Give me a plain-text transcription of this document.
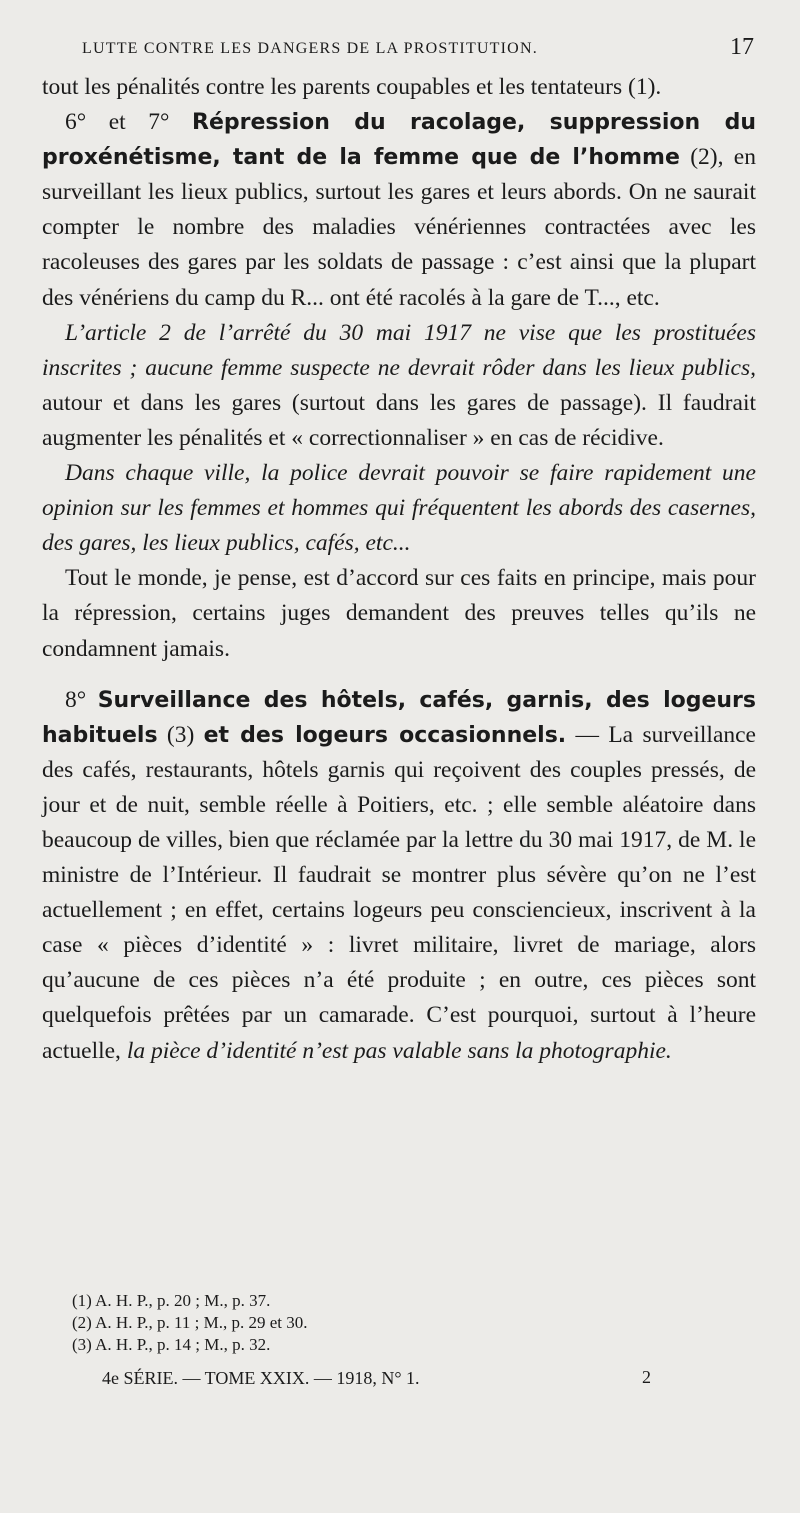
LUTTE CONTRE LES DANGERS DE LA PROSTITUTION.	17

tout les pénalités contre les parents coupables et les tentateurs (1).

6° et 7° Répression du racolage, suppression du proxénétisme, tant de la femme que de l’homme (2), en surveillant les lieux publics, surtout les gares et leurs abords. On ne saurait compter le nombre des maladies vénériennes contractées avec les racoleuses des gares par les soldats de passage : c’est ainsi que la plupart des vénériens du camp du R... ont été racolés à la gare de T..., etc.

L’article 2 de l’arrêté du 30 mai 1917 ne vise que les prostituées inscrites ; aucune femme suspecte ne devrait rôder dans les lieux publics, autour et dans les gares (surtout dans les gares de passage). Il faudrait augmenter les pénalités et « correctionnaliser » en cas de récidive.

Dans chaque ville, la police devrait pouvoir se faire rapidement une opinion sur les femmes et hommes qui fréquentent les abords des casernes, des gares, les lieux publics, cafés, etc...

Tout le monde, je pense, est d’accord sur ces faits en principe, mais pour la répression, certains juges demandent des preuves telles qu’ils ne condamnent jamais.

8° Surveillance des hôtels, cafés, garnis, des logeurs habituels (3) et des logeurs occasionnels. — La surveillance des cafés, restaurants, hôtels garnis qui reçoivent des couples pressés, de jour et de nuit, semble réelle à Poitiers, etc. ; elle semble aléatoire dans beaucoup de villes, bien que réclamée par la lettre du 30 mai 1917, de M. le ministre de l’Intérieur. Il faudrait se montrer plus sévère qu’on ne l’est actuellement ; en effet, certains logeurs peu consciencieux, inscrivent à la case « pièces d’identité » : livret militaire, livret de mariage, alors qu’aucune de ces pièces n’a été produite ; en outre, ces pièces sont quelquefois prêtées par un camarade. C’est pourquoi, surtout à l’heure actuelle, la pièce d’identité n’est pas valable sans la photographie.

(1) A. H. P., p. 20 ; M., p. 37.
(2) A. H. P., p. 11 ; M., p. 29 et 30.
(3) A. H. P., p. 14 ; M., p. 32.
4e SÉRIE. — TOME XXIX. — 1918, N° 1.	2
